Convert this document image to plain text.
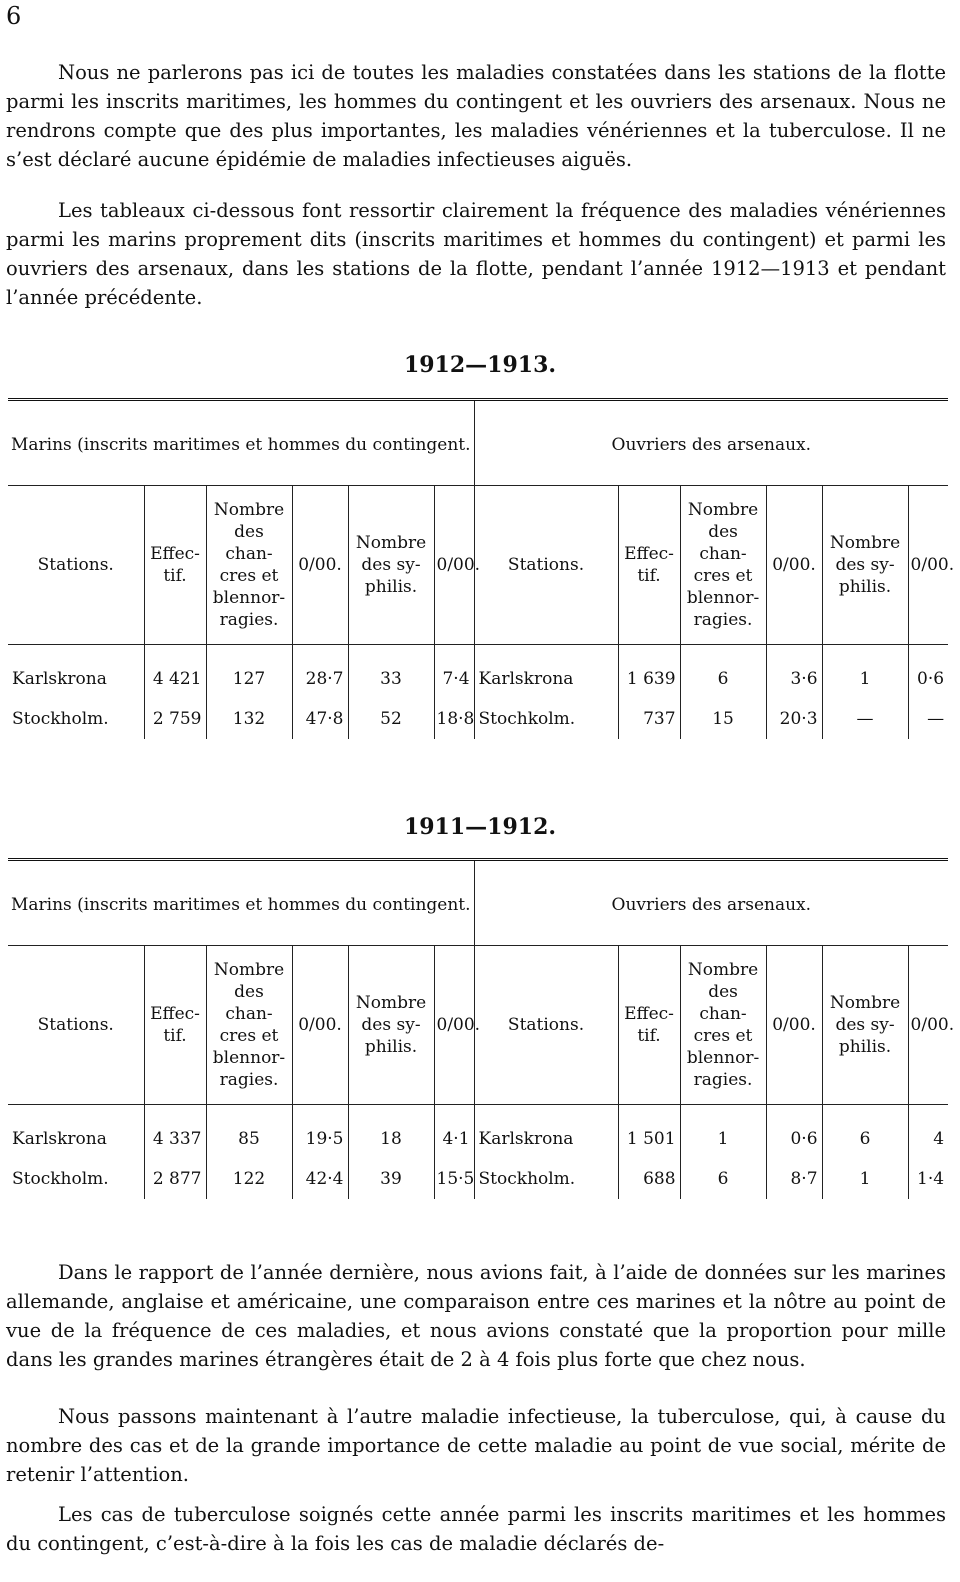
6

Nous ne parlerons pas ici de toutes les maladies constatées dans les stations de la flotte parmi les inscrits maritimes, les hommes du contingent et les ouvriers des arsenaux. Nous ne rendrons compte que des plus importantes, les maladies vénériennes et la tuberculose. Il ne s’est déclaré aucune épidémie de maladies infectieuses aiguës.

Les tableaux ci-dessous font ressortir clairement la fréquence des maladies vénériennes parmi les marins proprement dits (inscrits maritimes et hommes du contingent) et parmi les ouvriers des arsenaux, dans les stations de la flotte, pendant l’année 1912—1913 et pendant l’année précédente.

1912—1913.

Marins (inscrits maritimes et hommes du contingent.						Ouvriers des arsenaux.					
Stations.	Effec-tif.	Nombre des chan-cres et blennor-ragies.	0/00.	Nombre des sy-philis.	0/00.	Stations.	Effec-tif.	Nombre des chan-cres et blennor-ragies.	0/00.	Nombre des sy-philis.	0/00.

Karlskrona	4 421	127	28·7	33	7·4	Karlskrona	1 639	6	3·6	1	0·6
Stockholm.	2 759	132	47·8	52	18·8	Stochkolm.	737	15	20·3	—	—
1911—1912.

Marins (inscrits maritimes et hommes du contingent.						Ouvriers des arsenaux.					
Stations.	Effec-tif.	Nombre des chan-cres et blennor-ragies.	0/00.	Nombre des sy-philis.	0/00.	Stations.	Effec-tif.	Nombre des chan-cres et blennor-ragies.	0/00.	Nombre des sy-philis.	0/00.

Karlskrona	4 337	85	19·5	18	4·1	Karlskrona	1 501	1	0·6	6	4
Stockholm.	2 877	122	42·4	39	15·5	Stockholm.	688	6	8·7	1	1·4

Dans le rapport de l’année dernière, nous avions fait, à l’aide de données sur les marines allemande, anglaise et américaine, une comparaison entre ces marines et la nôtre au point de vue de la fréquence de ces maladies, et nous avions constaté que la proportion pour mille dans les grandes marines étrangères était de 2 à 4 fois plus forte que chez nous.

Nous passons maintenant à l’autre maladie infectieuse, la tuberculose, qui, à cause du nombre des cas et de la grande importance de cette maladie au point de vue social, mérite de retenir l’attention.

Les cas de tuberculose soignés cette année parmi les inscrits maritimes et les hommes du contingent, c’est-à-dire à la fois les cas de maladie déclarés de-
